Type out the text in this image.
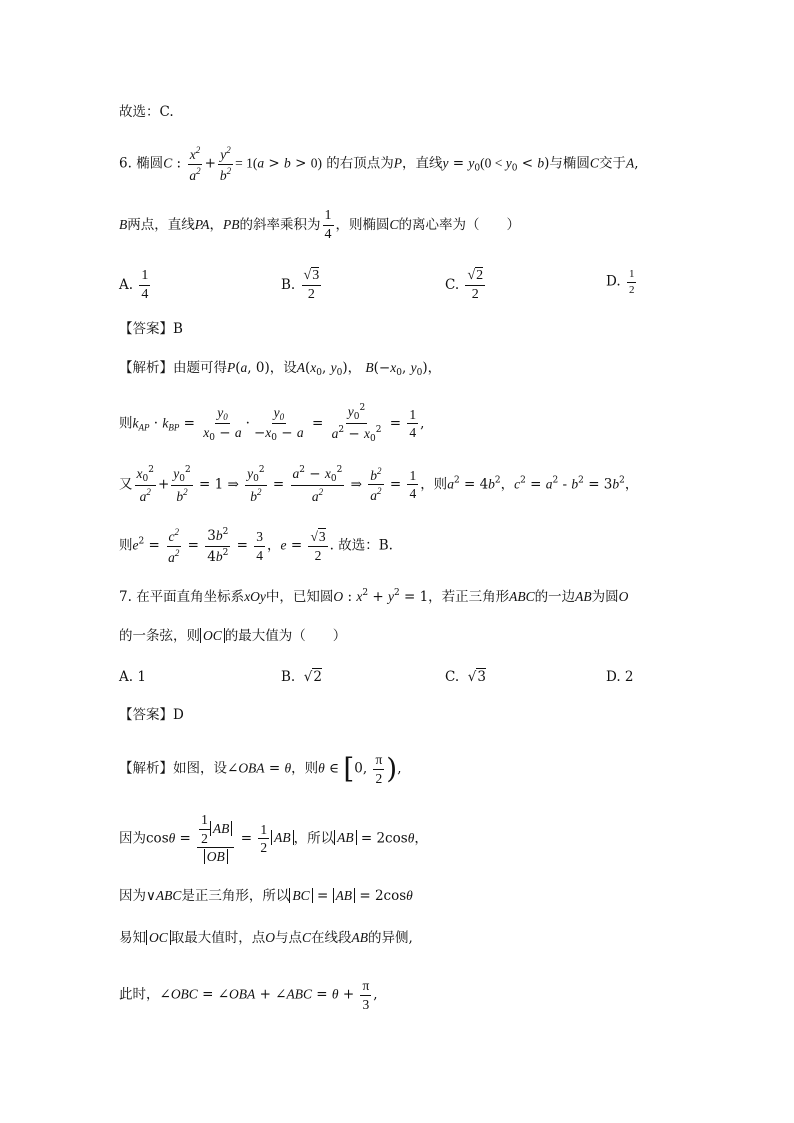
故选：C.
6. 椭圆C : $\frac{x^2}{a^2} + \frac{y^2}{b^2} = 1(a > b > 0)$ 的右顶点为P，直线$y = y_0(0 < y_0 < b)$与椭圆C交于A,
B两点，直线PA，PB的斜率乘积为 $\frac{1}{4}$ ，则椭圆C的离心率为（　　）
A. $\frac{1}{4}$	B. $\frac{√3}{2}$	C. $\frac{√2}{2}$	D. $\frac{1}{2}$
【答案】B
【解析】由题可得P(a, 0)，设$A(x_0$, $y_0$)， $B(-x_0$, $y_0$)，
则$k_{AP} \cdot k_{BP} = \frac{y_0}{x_0 - a} \cdot \frac{y_0}{-x_0 - a} = \frac{y_0^2}{a^2 - x_0^2} = \frac{1}{4}$ ,
又 $\frac{x_0^2}{a^2} + \frac{y_0^2}{b^2} = 1$ ⇒ $\frac{y_0^2}{b^2} = \frac{a^2 - x_0^2}{a^2}$ ⇒ $\frac{b^2}{a^2} = \frac{1}{4}$ ，则$a^2 = 4b^2$，$c^2 = a^2 - b^2 = 3b^2$，
则$e^2 = \frac{c^2}{a^2} = \frac{3b^2}{4b^2} = \frac{3}{4}$ ，$e = \frac{√3}{2}$ . 故选：B.
7. 在平面直角坐标系xOy中，已知圆O : $x^2 + y^2 = 1$，若正三角形ABC的一边AB为圆O
的一条弦，则 OC 的最大值为（　　）
A. 1	B.  √2	C.  √3	D. 2
【答案】D
【解析】如图，设∠OBA = θ，则θ ∈ [0, $\frac{\pi}{2}$ ),
因为$\cos\theta = \frac{\frac{1}{2} AB}{OB} = \frac{1}{2}$ AB ，所以 AB = 2cosθ，
因为∨ABC是正三角形，所以 BC = AB = 2cosθ
易知 OC 取最大值时，点O与点C在线段AB的异侧,
此时，∠OBC = ∠OBA + ∠ABC = $\theta + \frac{\pi}{3}$ ,
